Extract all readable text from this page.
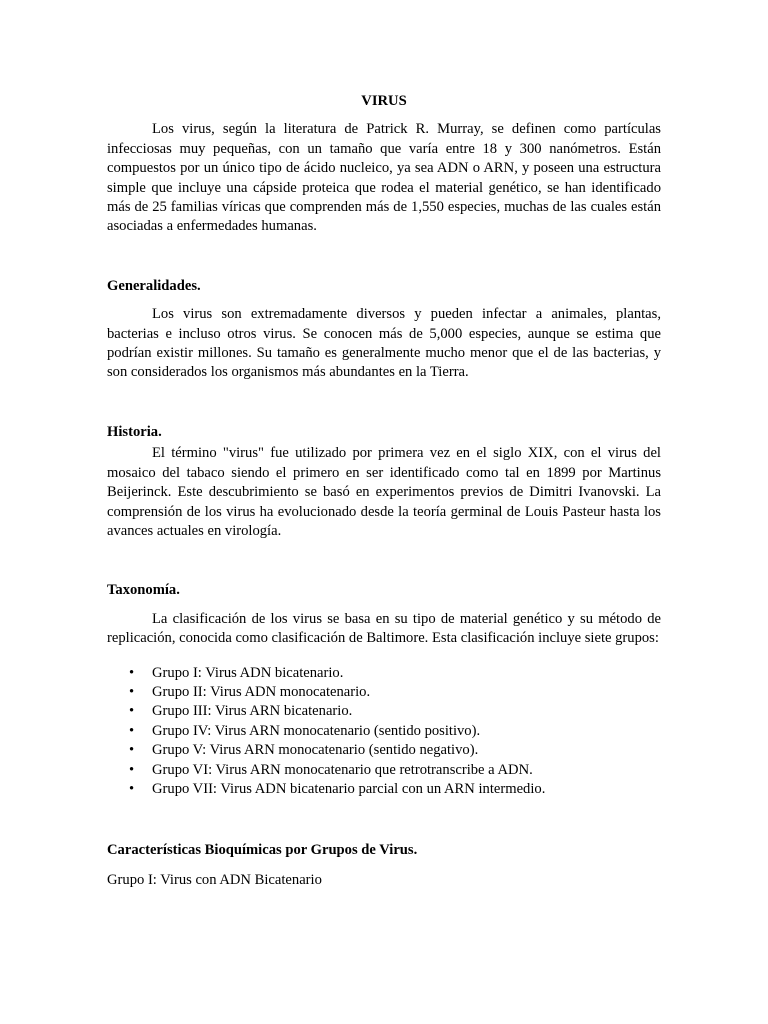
VIRUS

Los virus, según la literatura de Patrick R. Murray, se definen como partículas infecciosas muy pequeñas, con un tamaño que varía entre 18 y 300 nanómetros. Están compuestos por un único tipo de ácido nucleico, ya sea ADN o ARN, y poseen una estructura simple que incluye una cápside proteica que rodea el material genético, se han identificado más de 25 familias víricas que comprenden más de 1,550 especies, muchas de las cuales están asociadas a enfermedades humanas.

Generalidades.

Los virus son extremadamente diversos y pueden infectar a animales, plantas, bacterias e incluso otros virus. Se conocen más de 5,000 especies, aunque se estima que podrían existir millones. Su tamaño es generalmente mucho menor que el de las bacterias, y son considerados los organismos más abundantes en la Tierra.

Historia.

El término "virus" fue utilizado por primera vez en el siglo XIX, con el virus del mosaico del tabaco siendo el primero en ser identificado como tal en 1899 por Martinus Beijerinck. Este descubrimiento se basó en experimentos previos de Dimitri Ivanovski. La comprensión de los virus ha evolucionado desde la teoría germinal de Louis Pasteur hasta los avances actuales en virología.

Taxonomía.

La clasificación de los virus se basa en su tipo de material genético y su método de replicación, conocida como clasificación de Baltimore. Esta clasificación incluye siete grupos:

• Grupo I: Virus ADN bicatenario.
• Grupo II: Virus ADN monocatenario.
• Grupo III: Virus ARN bicatenario.
• Grupo IV: Virus ARN monocatenario (sentido positivo).
• Grupo V: Virus ARN monocatenario (sentido negativo).
• Grupo VI: Virus ARN monocatenario que retrotranscribe a ADN.
• Grupo VII: Virus ADN bicatenario parcial con un ARN intermedio.

Características Bioquímicas por Grupos de Virus.

Grupo I: Virus con ADN Bicatenario
